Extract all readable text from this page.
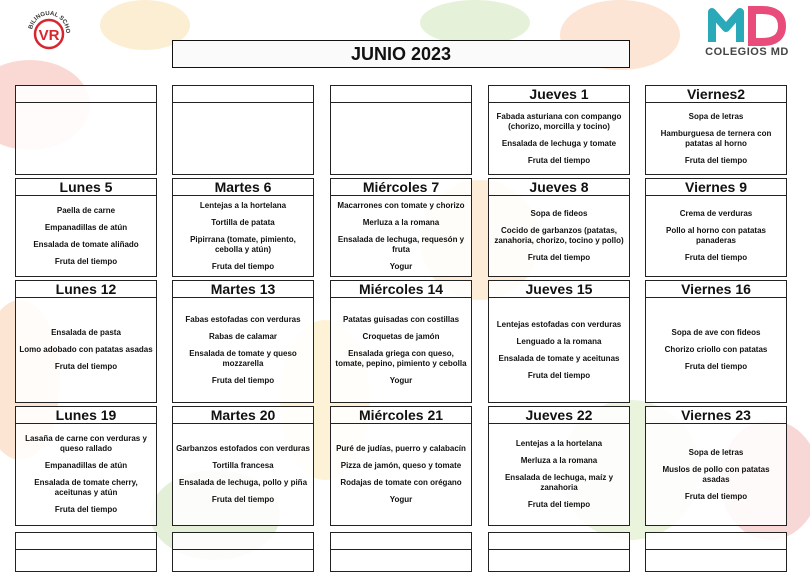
BILINGUAL SCHO
VR
COLEGIOS MD
JUNIO 2023
Jueves 1
Fabada asturiana con compango (chorizo, morcilla y tocino)
Ensalada de lechuga y tomate
Fruta del tiempo
Viernes2
Sopa de letras
Hamburguesa de ternera con patatas al horno
Fruta del tiempo
Lunes 5
Paella de carne
Empanadillas de atún
Ensalada de tomate aliñado
Fruta del tiempo
Martes 6
Lentejas a la hortelana
Tortilla de patata
Pipirrana (tomate, pimiento, cebolla y atún)
Fruta del tiempo
Miércoles 7
Macarrones con tomate y chorizo
Merluza a la romana
Ensalada de lechuga, requesón y fruta
Yogur
Jueves 8
Sopa de fideos
Cocido de garbanzos (patatas, zanahoria, chorizo, tocino y pollo)
Fruta del tiempo
Viernes 9
Crema de verduras
Pollo al horno con patatas panaderas
Fruta del tiempo
Lunes 12
Ensalada de pasta
Lomo adobado con patatas asadas
Fruta del tiempo
Martes 13
Fabas estofadas con verduras
Rabas de calamar
Ensalada de tomate y queso mozzarella
Fruta del tiempo
Miércoles 14
Patatas guisadas con costillas
Croquetas de jamón
Ensalada griega con queso, tomate, pepino, pimiento y cebolla
Yogur
Jueves 15
Lentejas estofadas con verduras
Lenguado a la romana
Ensalada de tomate y aceitunas
Fruta del tiempo
Viernes 16
Sopa de ave con fideos
Chorizo criollo con patatas
Fruta del tiempo
Lunes 19
Lasaña de carne con verduras y queso rallado
Empanadillas de atún
Ensalada de tomate cherry, aceitunas y atún
Fruta del tiempo
Martes 20
Garbanzos estofados con verduras
Tortilla francesa
Ensalada de lechuga, pollo y piña
Fruta del tiempo
Miércoles 21
Puré de judías, puerro y calabacín
Pizza de jamón, queso y tomate
Rodajas de tomate con orégano
Yogur
Jueves 22
Lentejas a la hortelana
Merluza a la romana
Ensalada de lechuga, maíz y zanahoria
Fruta del tiempo
Viernes 23
Sopa de letras
Muslos de pollo con patatas asadas
Fruta del tiempo
